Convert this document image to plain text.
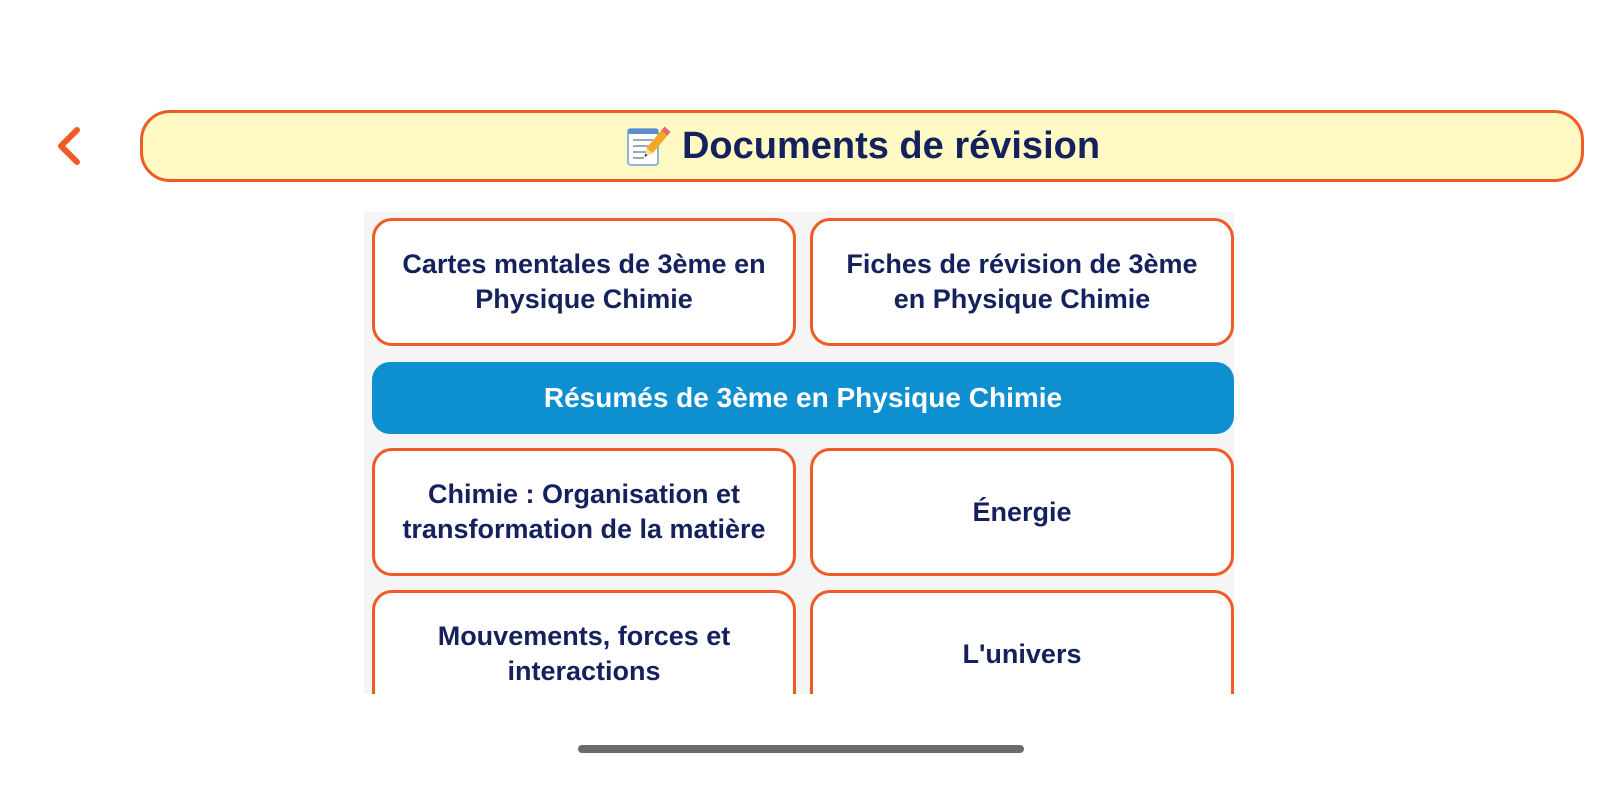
Documents de révision
Cartes mentales de 3ème en Physique Chimie
Fiches de révision de 3ème en Physique Chimie
Résumés de 3ème en Physique Chimie
Chimie : Organisation et transformation de la matière
Énergie
Mouvements, forces et interactions
L'univers
